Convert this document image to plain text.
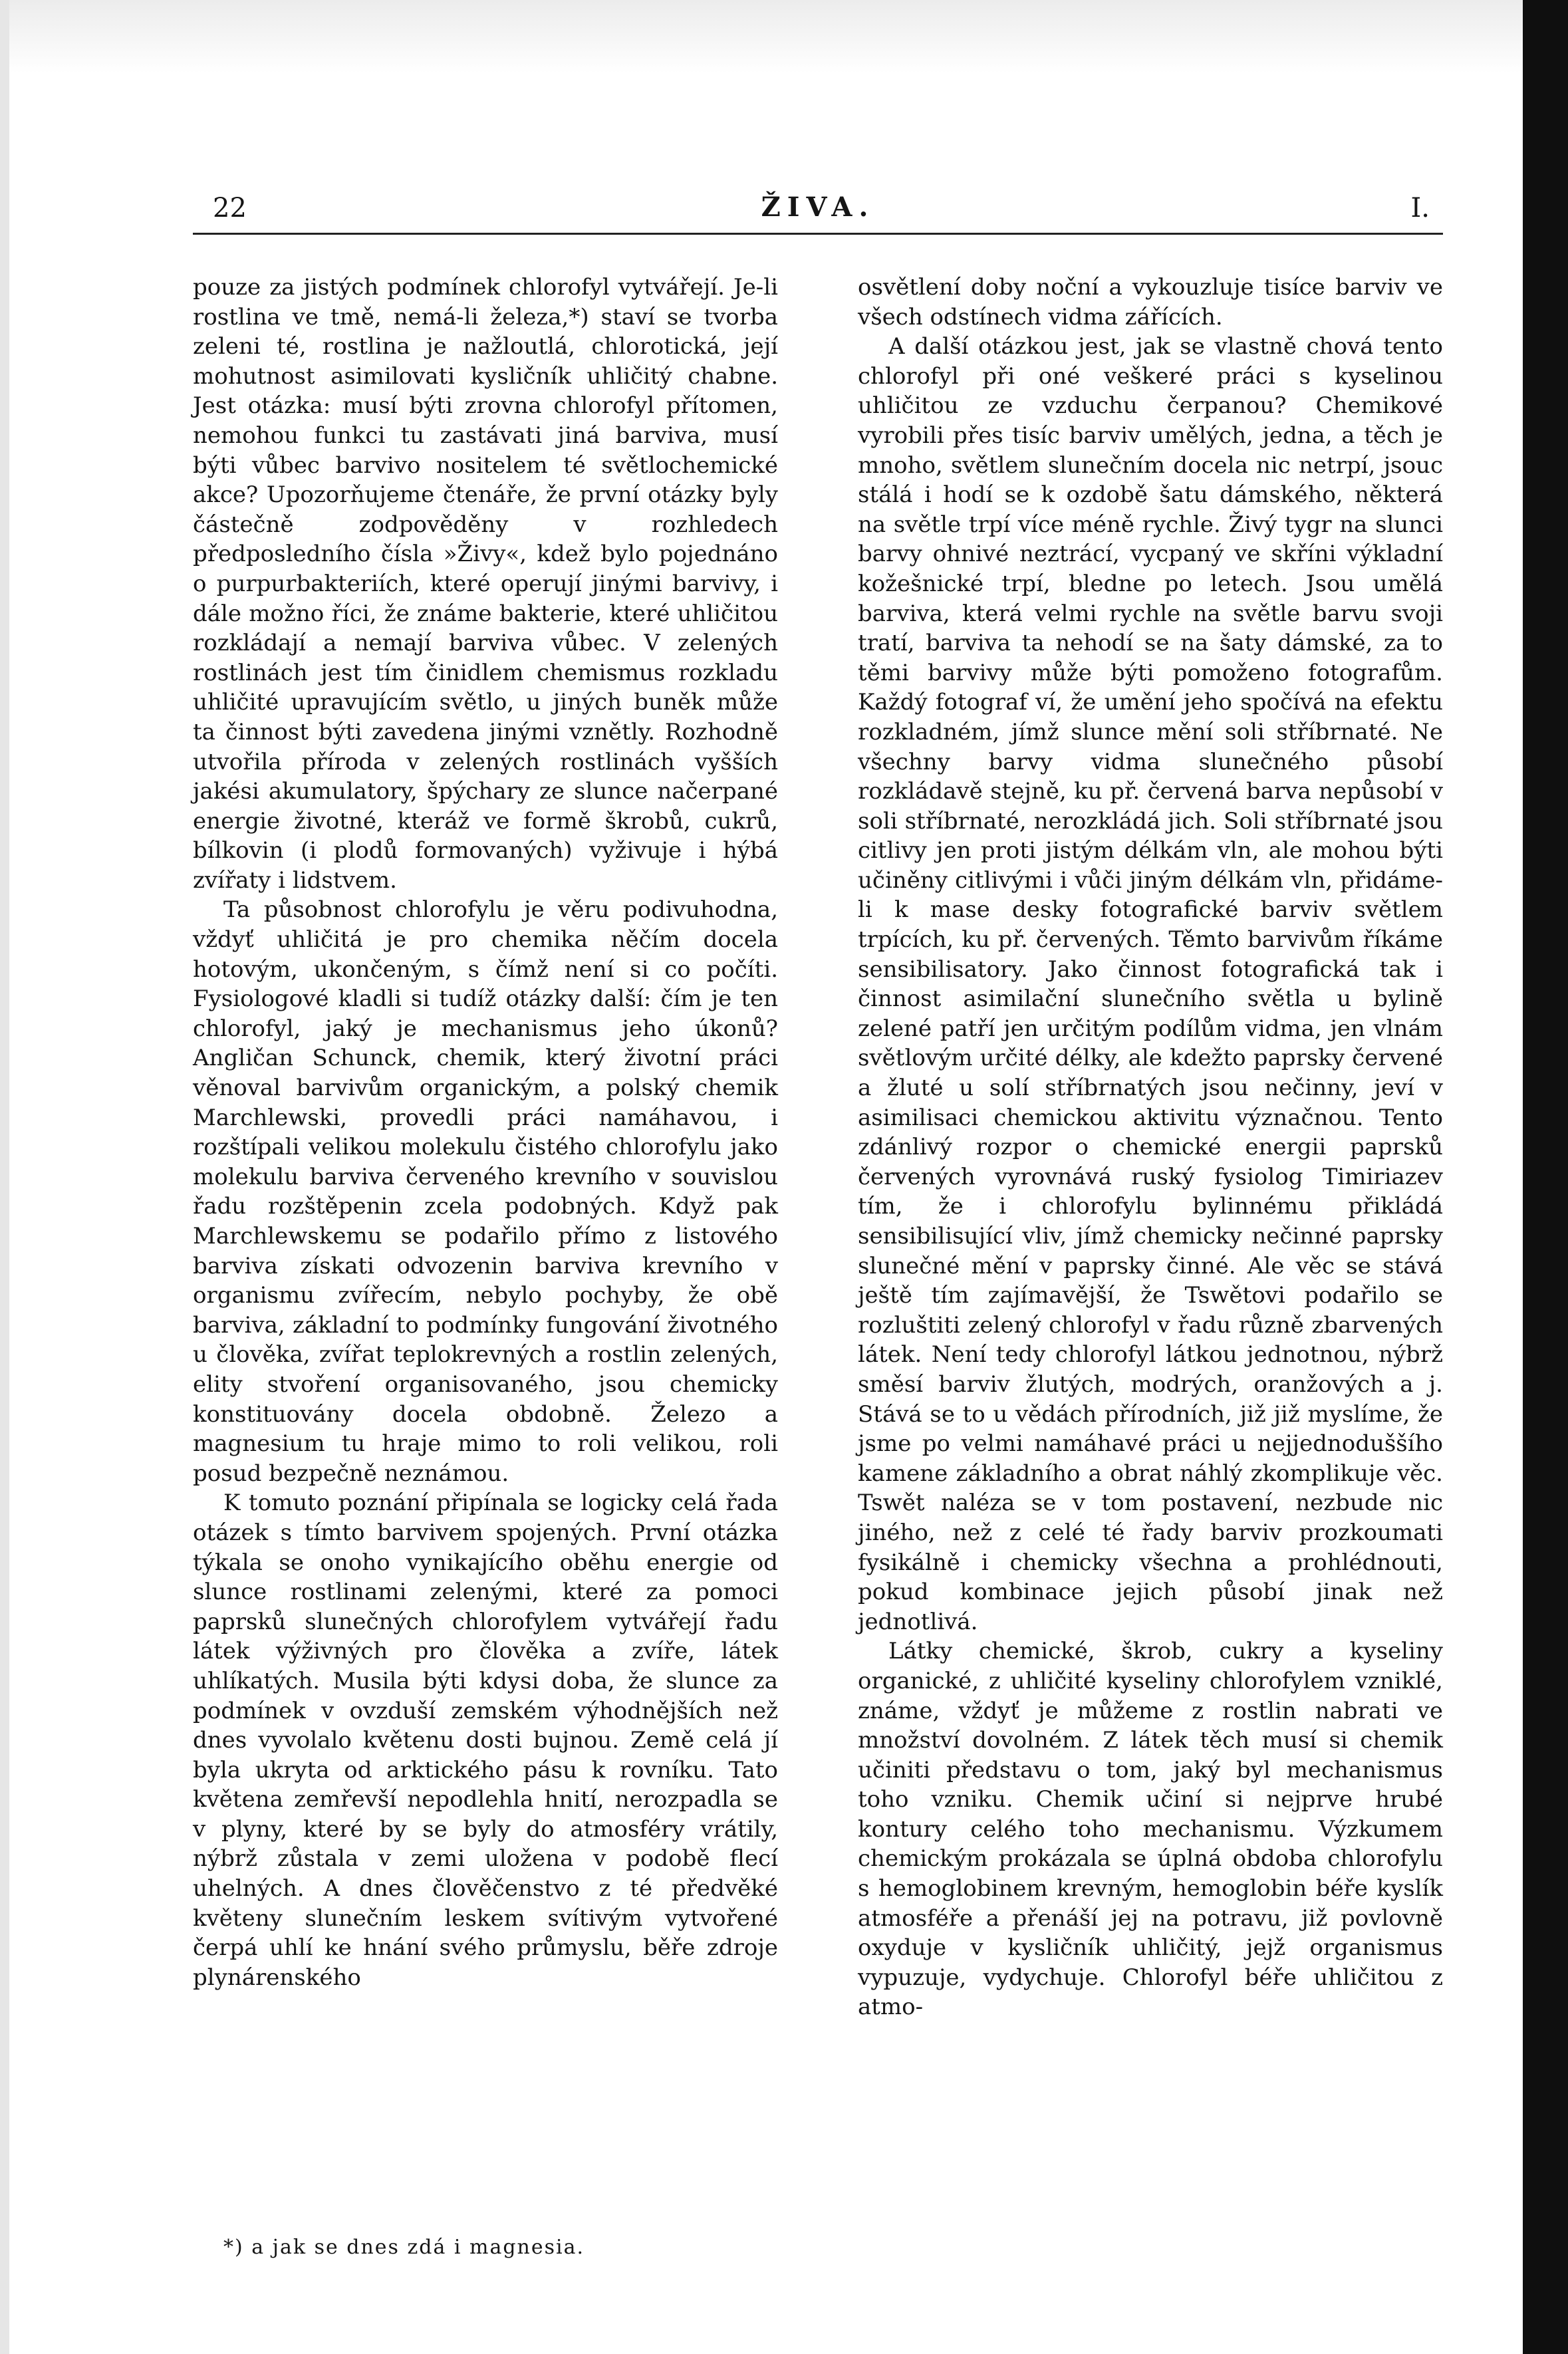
22	ŽIVA.	I.

pouze za jistých podmínek chlorofyl vytvářejí. Je-li rostlina ve tmě, nemá-li železa,*) staví se tvorba zeleni té, rostlina je nažloutlá, chlorotická, její mohutnost asimilovati kysličník uhličitý chabne. Jest otázka: musí býti zrovna chlorofyl přítomen, nemohou funkci tu zastávati jiná barviva, musí býti vůbec barvivo nositelem té světlochemické akce? Upozorňujeme čtenáře, že první otázky byly částečně zodpověděny v rozhledech předposledního čísla »Živy«, kdež bylo pojednáno o purpurbakteriích, které operují jinými barvivy, i dále možno říci, že známe bakterie, které uhličitou rozkládají a nemají barviva vůbec. V zelených rostlinách jest tím činidlem chemismus rozkladu uhličité upravujícím světlo, u jiných buněk může ta činnost býti zavedena jinými vznětly. Rozhodně utvořila příroda v zelených rostlinách vyšších jakési akumulatory, špýchary ze slunce načerpané energie životné, kteráž ve formě škrobů, cukrů, bílkovin (i plodů formovaných) vyživuje i hýbá zvířaty i lidstvem.

Ta působnost chlorofylu je věru podivuhodna, vždyť uhličitá je pro chemika něčím docela hotovým, ukončeným, s čímž není si co počíti. Fysiologové kladli si tudíž otázky další: čím je ten chlorofyl, jaký je mechanismus jeho úkonů? Angličan Schunck, chemik, který životní práci věnoval barvivům organickým, a polský chemik Marchlewski, provedli práci namáhavou, i rozštípali velikou molekulu čistého chlorofylu jako molekulu barviva červeného krevního v souvislou řadu rozštěpenin zcela podobných. Když pak Marchlewskemu se podařilo přímo z listového barviva získati odvozenin barviva krevního v organismu zvířecím, nebylo pochyby, že obě barviva, základní to podmínky fungování životného u člověka, zvířat teplokrevných a rostlin zelených, elity stvoření organisovaného, jsou chemicky konstituovány docela obdobně. Železo a magnesium tu hraje mimo to roli velikou, roli posud bezpečně neznámou.

K tomuto poznání připínala se logicky celá řada otázek s tímto barvivem spojených. První otázka týkala se onoho vynikajícího oběhu energie od slunce rostlinami zelenými, které za pomoci paprsků slunečných chlorofylem vytvářejí řadu látek výživných pro člověka a zvíře, látek uhlíkatých. Musila býti kdysi doba, že slunce za podmínek v ovzduší zemském výhodnějších než dnes vyvolalo květenu dosti bujnou. Země celá jí byla ukryta od arktického pásu k rovníku. Tato květena zemřevší nepodlehla hnití, nerozpadla se v plyny, které by se byly do atmosféry vrátily, nýbrž zůstala v zemi uložena v podobě flecí uhelných. A dnes člověčenstvo z té předvěké květeny slunečním leskem svítivým vytvořené čerpá uhlí ke hnání svého průmyslu, běře zdroje plynárenského

osvětlení doby noční a vykouzluje tisíce barviv ve všech odstínech vidma zářících.

A další otázkou jest, jak se vlastně chová tento chlorofyl při oné veškeré práci s kyselinou uhličitou ze vzduchu čerpanou? Chemikové vyrobili přes tisíc barviv umělých, jedna, a těch je mnoho, světlem slunečním docela nic netrpí, jsouc stálá i hodí se k ozdobě šatu dámského, některá na světle trpí více méně rychle. Živý tygr na slunci barvy ohnivé neztrácí, vycpaný ve skříni výkladní kožešnické trpí, bledne po letech. Jsou umělá barviva, která velmi rychle na světle barvu svoji tratí, barviva ta nehodí se na šaty dámské, za to těmi barvivy může býti pomoženo fotografům. Každý fotograf ví, že umění jeho spočívá na efektu rozkladném, jímž slunce mění soli stříbrnaté. Ne všechny barvy vidma slunečného působí rozkládavě stejně, ku př. červená barva nepůsobí v soli stříbrnaté, nerozkládá jich. Soli stříbrnaté jsou citlivy jen proti jistým délkám vln, ale mohou býti učiněny citlivými i vůči jiným délkám vln, přidáme-li k mase desky fotografické barviv světlem trpících, ku př. červených. Těmto barvivům říkáme sensibilisatory. Jako činnost fotografická tak i činnost asimilační slunečního světla u bylině zelené patří jen určitým podílům vidma, jen vlnám světlovým určité délky, ale kdežto paprsky červené a žluté u solí stříbrnatých jsou nečinny, jeví v asimilisaci chemickou aktivitu význačnou. Tento zdánlivý rozpor o chemické energii paprsků červených vyrovnává ruský fysiolog Timiriazev tím, že i chlorofylu bylinnému přikládá sensibilisující vliv, jímž chemicky nečinné paprsky slunečné mění v paprsky činné. Ale věc se stává ještě tím zajímavější, že Tswětovi podařilo se rozluštiti zelený chlorofyl v řadu různě zbarvených látek. Není tedy chlorofyl látkou jednotnou, nýbrž směsí barviv žlutých, modrých, oranžových a j. Stává se to u vědách přírodních, již již myslíme, že jsme po velmi namáhavé práci u nejjednoduššího kamene základního a obrat náhlý zkomplikuje věc. Tswět naléza se v tom postavení, nezbude nic jiného, než z celé té řady barviv prozkoumati fysikálně i chemicky všechna a prohlédnouti, pokud kombinace jejich působí jinak než jednotlivá.

Látky chemické, škrob, cukry a kyseliny organické, z uhličité kyseliny chlorofylem vzniklé, známe, vždyť je můžeme z rostlin nabrati ve množství dovolném. Z látek těch musí si chemik učiniti představu o tom, jaký byl mechanismus toho vzniku. Chemik učiní si nejprve hrubé kontury celého toho mechanismu. Výzkumem chemickým prokázala se úplná obdoba chlorofylu s hemoglobinem krevným, hemoglobin béře kyslík atmosféře a přenáší jej na potravu, již povlovně oxyduje v kysličník uhličitý, jejž organismus vypuzuje, vydychuje. Chlorofyl béře uhličitou z atmo-

*) a jak se dnes zdá i magnesia.
